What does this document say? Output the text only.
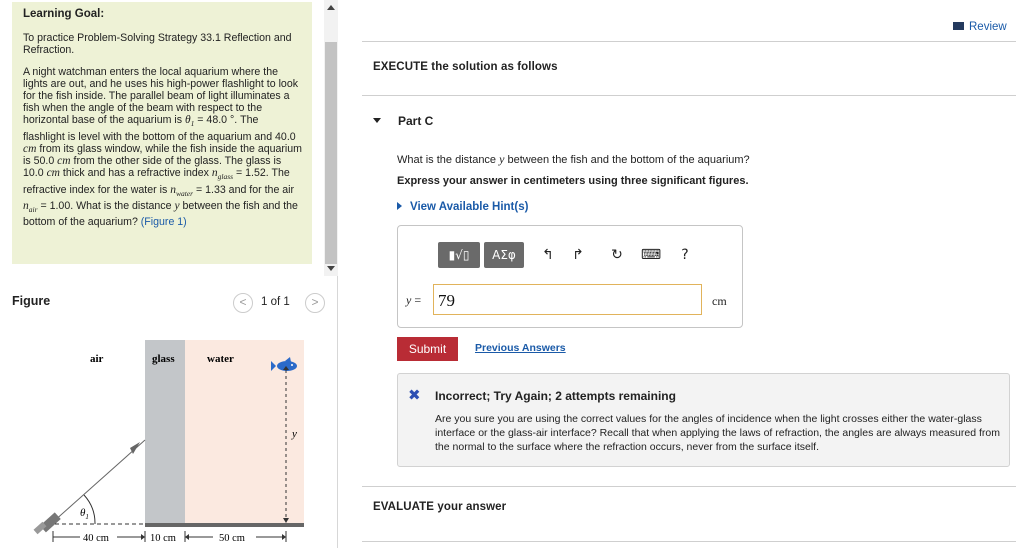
Learning Goal:
To practice Problem-Solving Strategy 33.1 Reflection and Refraction.
A night watchman enters the local aquarium where the lights are out, and he uses his high-power flashlight to look for the fish inside. The parallel beam of light illuminates a fish when the angle of the beam with respect to the horizontal base of the aquarium is $\theta_1 = 48.0$ °. The flashlight is level with the bottom of the aquarium and 40.0 cm from its glass window, while the fish inside the aquarium is 50.0 cm from the other side of the glass. The glass is 10.0 cm thick and has a refractive index $n_{glass} = 1.52$. The refractive index for the water is $n_{water} = 1.33$ and for the air $n_{air} = 1.00$. What is the distance y between the fish and the bottom of the aquarium? (Figure 1)
Figure	<	1 of 1	>
air	glass	water
y
$\theta_1$
40 cm	10 cm	50 cm
Review
EXECUTE the solution as follows
Part C
What is the distance y between the fish and the bottom of the aquarium?
Express your answer in centimeters using three significant figures.
View Available Hint(s)
▮√▯	ΑΣφ	↰	↱	↻	⌨	?
y =
79	cm
Submit	Previous Answers
✖ Incorrect; Try Again; 2 attempts remaining
Are you sure you are using the correct values for the angles of incidence when the light crosses either the water-glass interface or the glass-air interface? Recall that when applying the laws of refraction, the angles are always measured from the normal to the surface where the refraction occurs, never from the surface itself.
EVALUATE your answer
